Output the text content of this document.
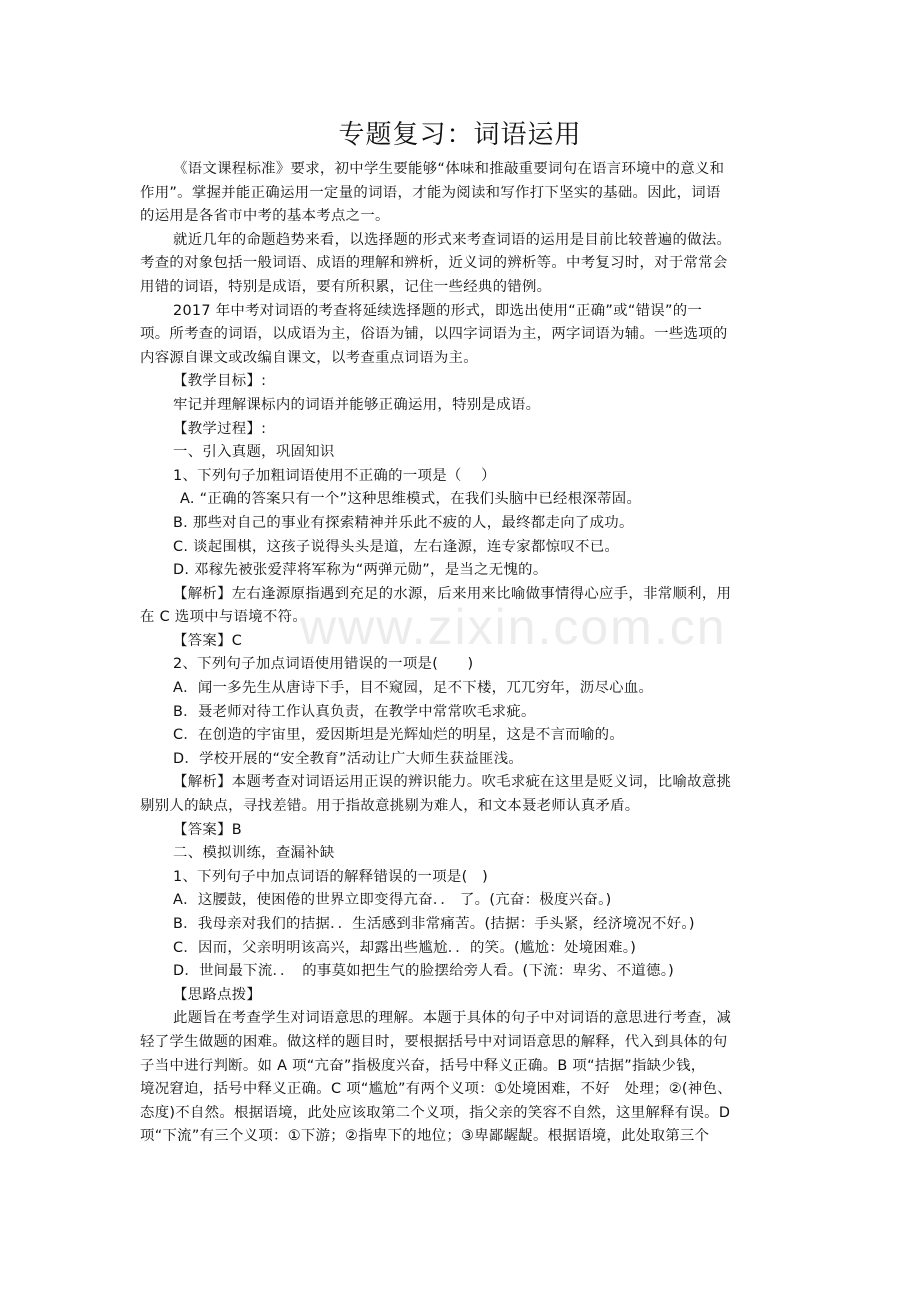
www.zixin.com.cn
专题复习：词语运用

《语文课程标准》要求，初中学生要能够“体味和推敲重要词句在语言环境中的意义和

作用”。掌握并能正确运用一定量的词语，才能为阅读和写作打下坚实的基础。因此，词语

的运用是各省市中考的基本考点之一。

就近几年的命题趋势来看，以选择题的形式来考查词语的运用是目前比较普遍的做法。

考查的对象包括一般词语、成语的理解和辨析，近义词的辨析等。中考复习时，对于常常会

用错的词语，特别是成语，要有所积累，记住一些经典的错例。

2017 年中考对词语的考查将延续选择题的形式，即选出使用“正确”或“错误”的一

项。所考查的词语，以成语为主，俗语为铺，以四字词语为主，两字词语为辅。一些选项的

内容源自课文或改编自课文，以考查重点词语为主。

【教学目标】:

牢记并理解课标内的词语并能够正确运用，特别是成语。

【教学过程】:

一、引入真题，巩固知识

1、下列句子加粗词语使用不正确的一项是（　 ）

A. “正确的答案只有一个”这种思维模式，在我们头脑中已经根深蒂固。

B. 那些对自己的事业有探索精神并乐此不疲的人，最终都走向了成功。

C. 谈起围棋，这孩子说得头头是道，左右逢源，连专家都惊叹不已。

D. 邓稼先被张爱萍将军称为“两弹元勋”，是当之无愧的。

【解析】左右逢源原指遇到充足的水源，后来用来比喻做事情得心应手，非常顺利，用

在 C 选项中与语境不符。

【答案】C

2、下列句子加点词语使用错误的一项是(　　)

A．闻一多先生从唐诗下手，目不窥园，足不下楼，兀兀穷年，沥尽心血。

B．聂老师对待工作认真负责，在教学中常常吹毛求疵。

C．在创造的宇宙里，爱因斯坦是光辉灿烂的明星，这是不言而喻的。

D．学校开展的“安全教育”活动让广大师生获益匪浅。

【解析】本题考查对词语运用正误的辨识能力。吹毛求疵在这里是贬义词，比喻故意挑

剔别人的缺点，寻找差错。用于指故意挑剔为难人，和文本聂老师认真矛盾。

【答案】B

二、模拟训练，查漏补缺

1、下列句子中加点词语的解释错误的一项是(　)

A．这腰鼓，使困倦的世界立即变得亢奋．． 了。(亢奋：极度兴奋。)

B．我母亲对我们的拮据．．生活感到非常痛苦。(拮据：手头紧，经济境况不好。)

C．因而，父亲明明该高兴，却露出些尴尬．．的笑。(尴尬：处境困难。)

D．世间最下流．．　的事莫如把生气的脸摆给旁人看。(下流：卑劣、不道德。)

【思路点拨】

此题旨在考查学生对词语意思的理解。本题于具体的句子中对词语的意思进行考查，减

轻了学生做题的困难。做这样的题目时，要根据括号中对词语意思的解释，代入到具体的句

子当中进行判断。如 A 项“亢奋”指极度兴奋，括号中释义正确。B 项“拮据”指缺少钱，

境况窘迫，括号中释义正确。C 项“尴尬”有两个义项：①处境困难，不好　处理；②(神色、

态度)不自然。根据语境，此处应该取第二个义项，指父亲的笑容不自然，这里解释有误。D

项“下流”有三个义项：①下游；②指卑下的地位；③卑鄙龌龊。根据语境，此处取第三个
